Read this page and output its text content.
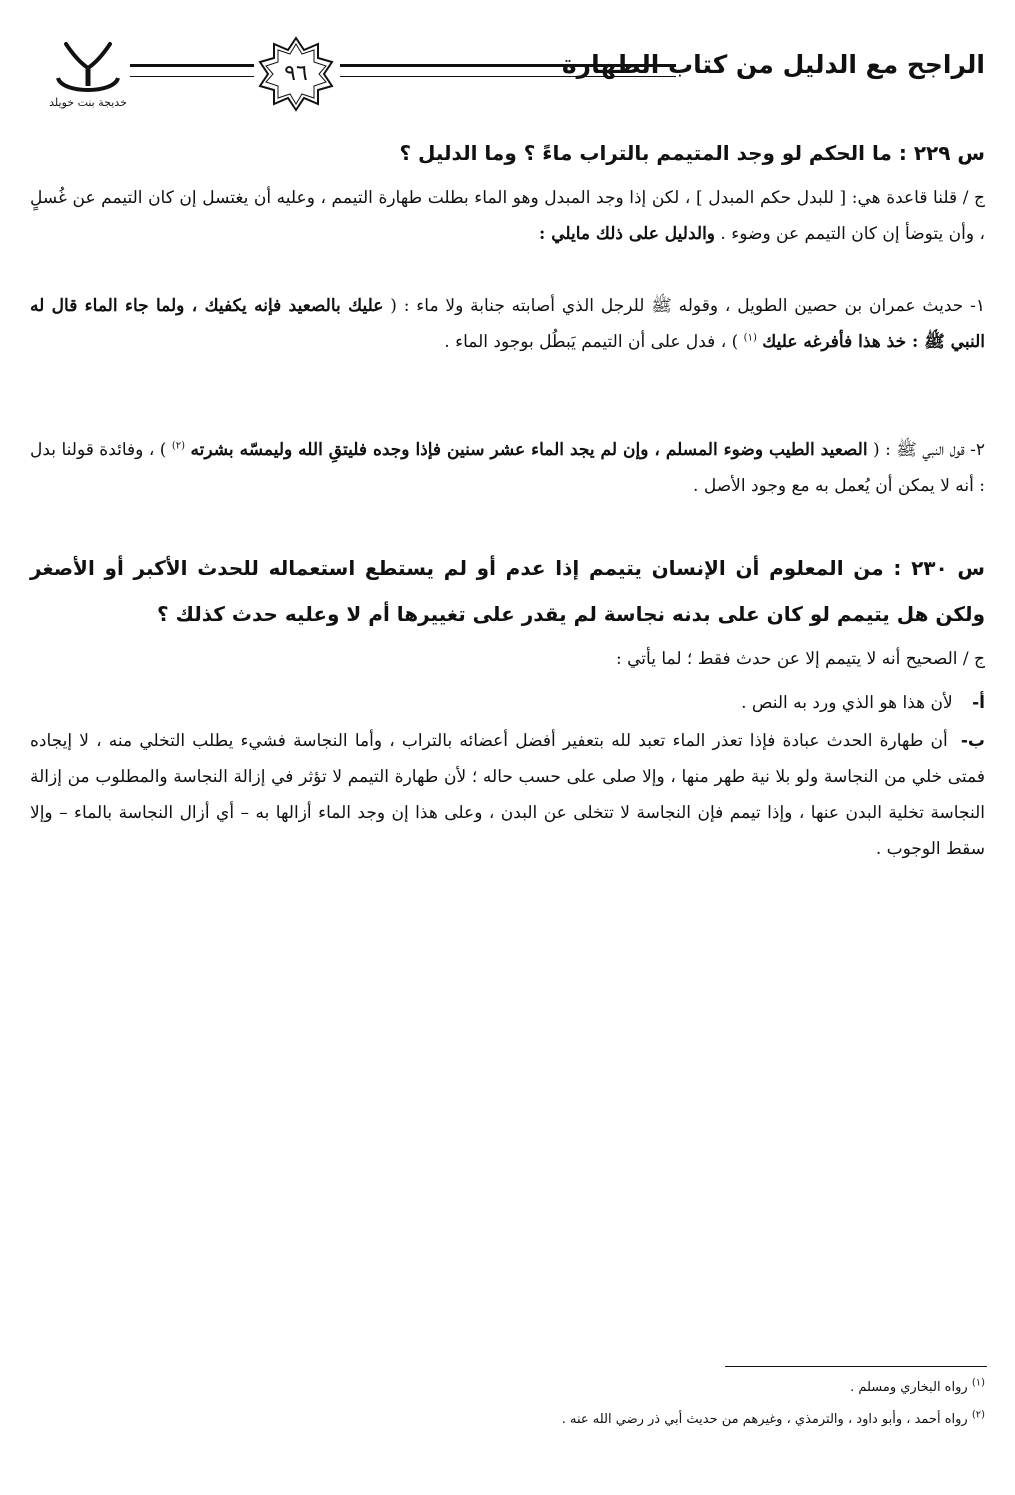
الراجح مع الدليل من كتاب الطهارة
٩٦
خديجة بنت خويلد
س ٢٢٩ : ما الحكم لو وجد المتيمم بالتراب ماءً ؟ وما الدليل ؟
ج / قلنا قاعدة هي: [ للبدل حكم المبدل ] ، لكن إذا وجد المبدل وهو الماء بطلت طهارة التيمم ، وعليه أن يغتسل إن كان التيمم عن غُسلٍ ، وأن يتوضأ إن كان التيمم عن وضوء . والدليل على ذلك مايلي :
١- حديث عمران بن حصين الطويل ، وقوله ﷺ للرجل الذي أصابته جنابة ولا ماء : ( عليك بالصعيد فإنه يكفيك ، ولما جاء الماء قال له النبي ﷺ : خذ هذا فأفرغه عليك $^{(١)}$ ) ، فدل على أن التيمم يَبطُل بوجود الماء .
٢- قول النبي ﷺ : ( الصعيد الطيب وضوء المسلم ، وإن لم يجد الماء عشر سنين فإذا وجده فليتقِ الله وليمسّه بشرته $^{(٢)}$ ) ، وفائدة قولنا بدل : أنه لا يمكن أن يُعمل به مع وجود الأصل .
س ٢٣٠ : من المعلوم أن الإنسان يتيمم إذا عدم أو لم يستطع استعماله للحدث الأكبر أو الأصغر ولكن هل يتيمم لو كان على بدنه نجاسة لم يقدر على تغييرها أم لا وعليه حدث كذلك ؟
ج / الصحيح أنه لا يتيمم إلا عن حدث فقط ؛ لما يأتي :
أ- لأن هذا هو الذي ورد به النص .
ب- أن طهارة الحدث عبادة فإذا تعذر الماء تعبد لله بتعفير أفضل أعضائه بالتراب ، وأما النجاسة فشيء يطلب التخلي منه ، لا إيجاده فمتى خلي من النجاسة ولو بلا نية طهر منها ، وإلا صلى على حسب حاله ؛ لأن طهارة التيمم لا تؤثر في إزالة النجاسة والمطلوب من إزالة النجاسة تخلية البدن عنها ، وإذا تيمم فإن النجاسة لا تتخلى عن البدن ، وعلى هذا إن وجد الماء أزالها به – أي أزال النجاسة بالماء – وإلا سقط الوجوب .
$^{(١)}$ رواه البخاري ومسلم .
$^{(٢)}$ رواه أحمد ، وأبو داود ، والترمذي ، وغيرهم من حديث أبي ذر رضي الله عنه .
